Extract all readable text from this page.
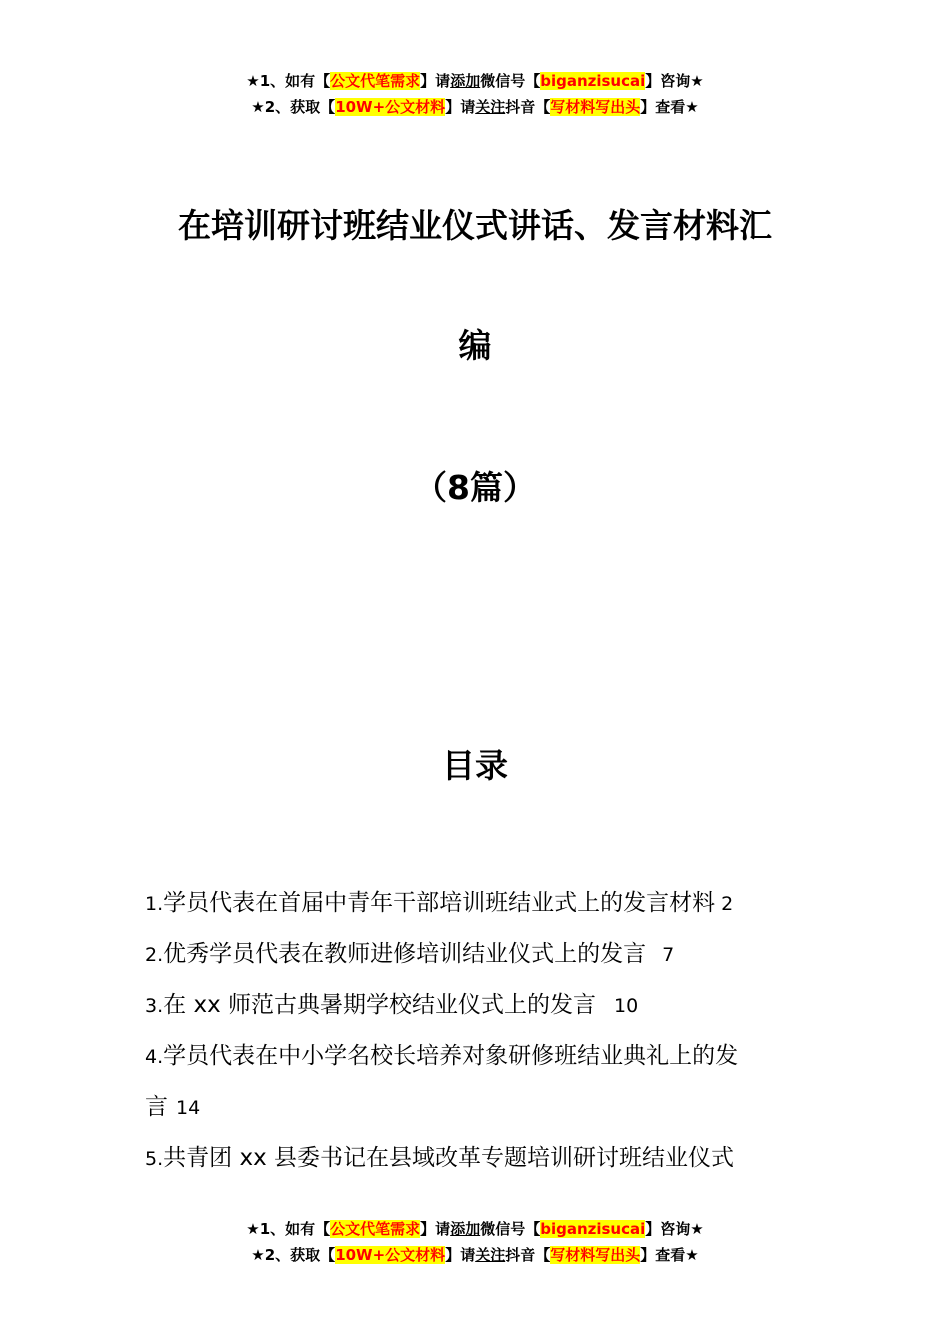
★1、如有【公文代笔需求】请添加微信号【biganzisucai】咨询★
★2、获取【10W+公文材料】请关注抖音【写材料写出头】查看★
在培训研讨班结业仪式讲话、发言材料汇
编
（8篇）
目录
1.学员代表在首届中青年干部培训班结业式上的发言材料 2
2.优秀学员代表在教师进修培训结业仪式上的发言 7
3.在 xx 师范古典暑期学校结业仪式上的发言 10
4.学员代表在中小学名校长培养对象研修班结业典礼上的发
言 14
5.共青团 xx 县委书记在县域改革专题培训研讨班结业仪式
★1、如有【公文代笔需求】请添加微信号【biganzisucai】咨询★
★2、获取【10W+公文材料】请关注抖音【写材料写出头】查看★
